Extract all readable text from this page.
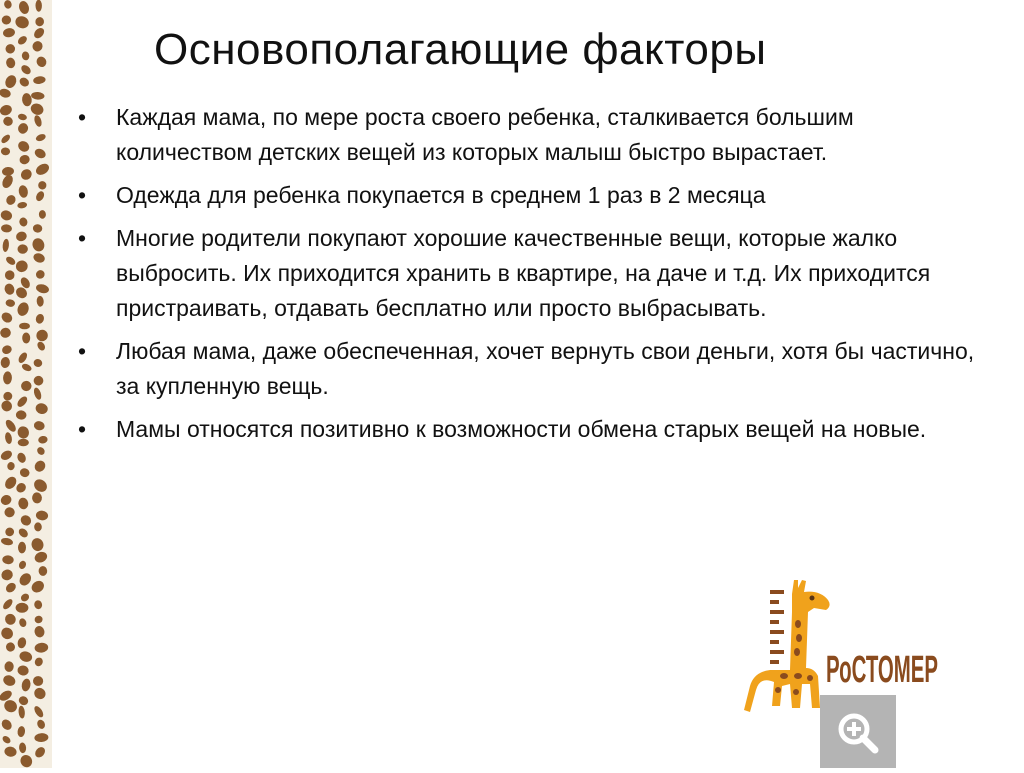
Основополагающие факторы
• Каждая мама, по мере роста своего ребенка, сталкивается большим количеством детских вещей из которых малыш быстро вырастает.
• Одежда для ребенка покупается в среднем 1 раз в 2 месяца
• Многие родители покупают хорошие качественные вещи, которые жалко выбросить. Их приходится хранить в квартире, на даче и т.д. Их приходится пристраивать, отдавать бесплатно или просто выбрасывать.
• Любая мама, даже обеспеченная, хочет вернуть свои деньги, хотя бы частично, за купленную вещь.
• Мамы относятся позитивно к возможности обмена старых вещей на новые.
РоСТОМЕР
